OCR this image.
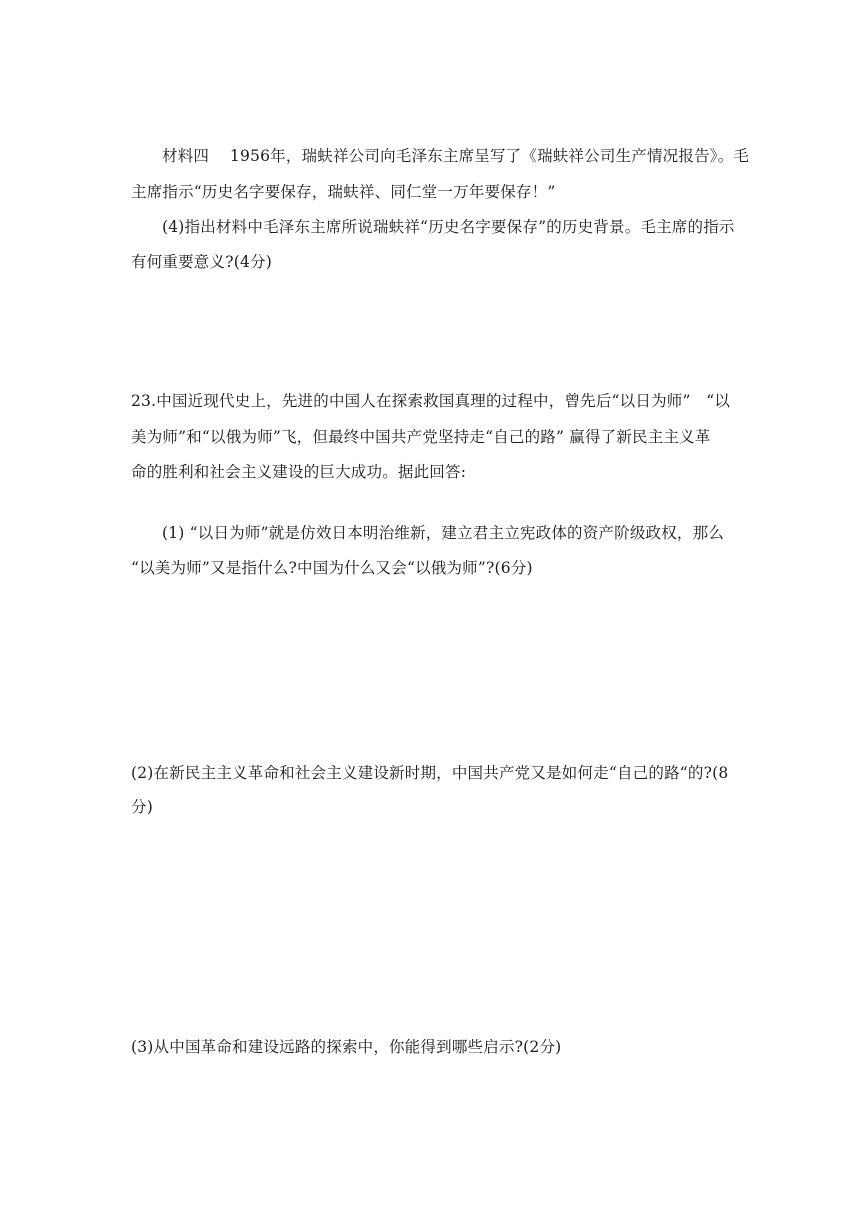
材料四　 1956年，瑞蚨祥公司向毛泽东主席呈写了《瑞蚨祥公司生产情况报告》。毛
主席指示“历史名字要保存，瑞蚨祥、同仁堂一万年要保存！”
(4)指出材料中毛泽东主席所说瑞蚨祥“历史名字要保存”的历史背景。毛主席的指示
有何重要意义?(4分)
23.中国近现代史上，先进的中国人在探索救国真理的过程中，曾先后“以日为师”　“以
美为师”和“以俄为师”飞，但最终中国共产党坚持走“自己的路” 赢得了新民主主义革
命的胜利和社会主义建设的巨大成功。据此回答:
(1) “以日为师”就是仿效日本明治维新，建立君主立宪政体的资产阶级政权，那么
“以美为师”又是指什么?中国为什么又会“以俄为师”?(6分)
(2)在新民主主义革命和社会主义建设新时期，中国共产党又是如何走“自己的路“的?(8
分)
(3)从中国革命和建设远路的探索中，你能得到哪些启示?(2分)
